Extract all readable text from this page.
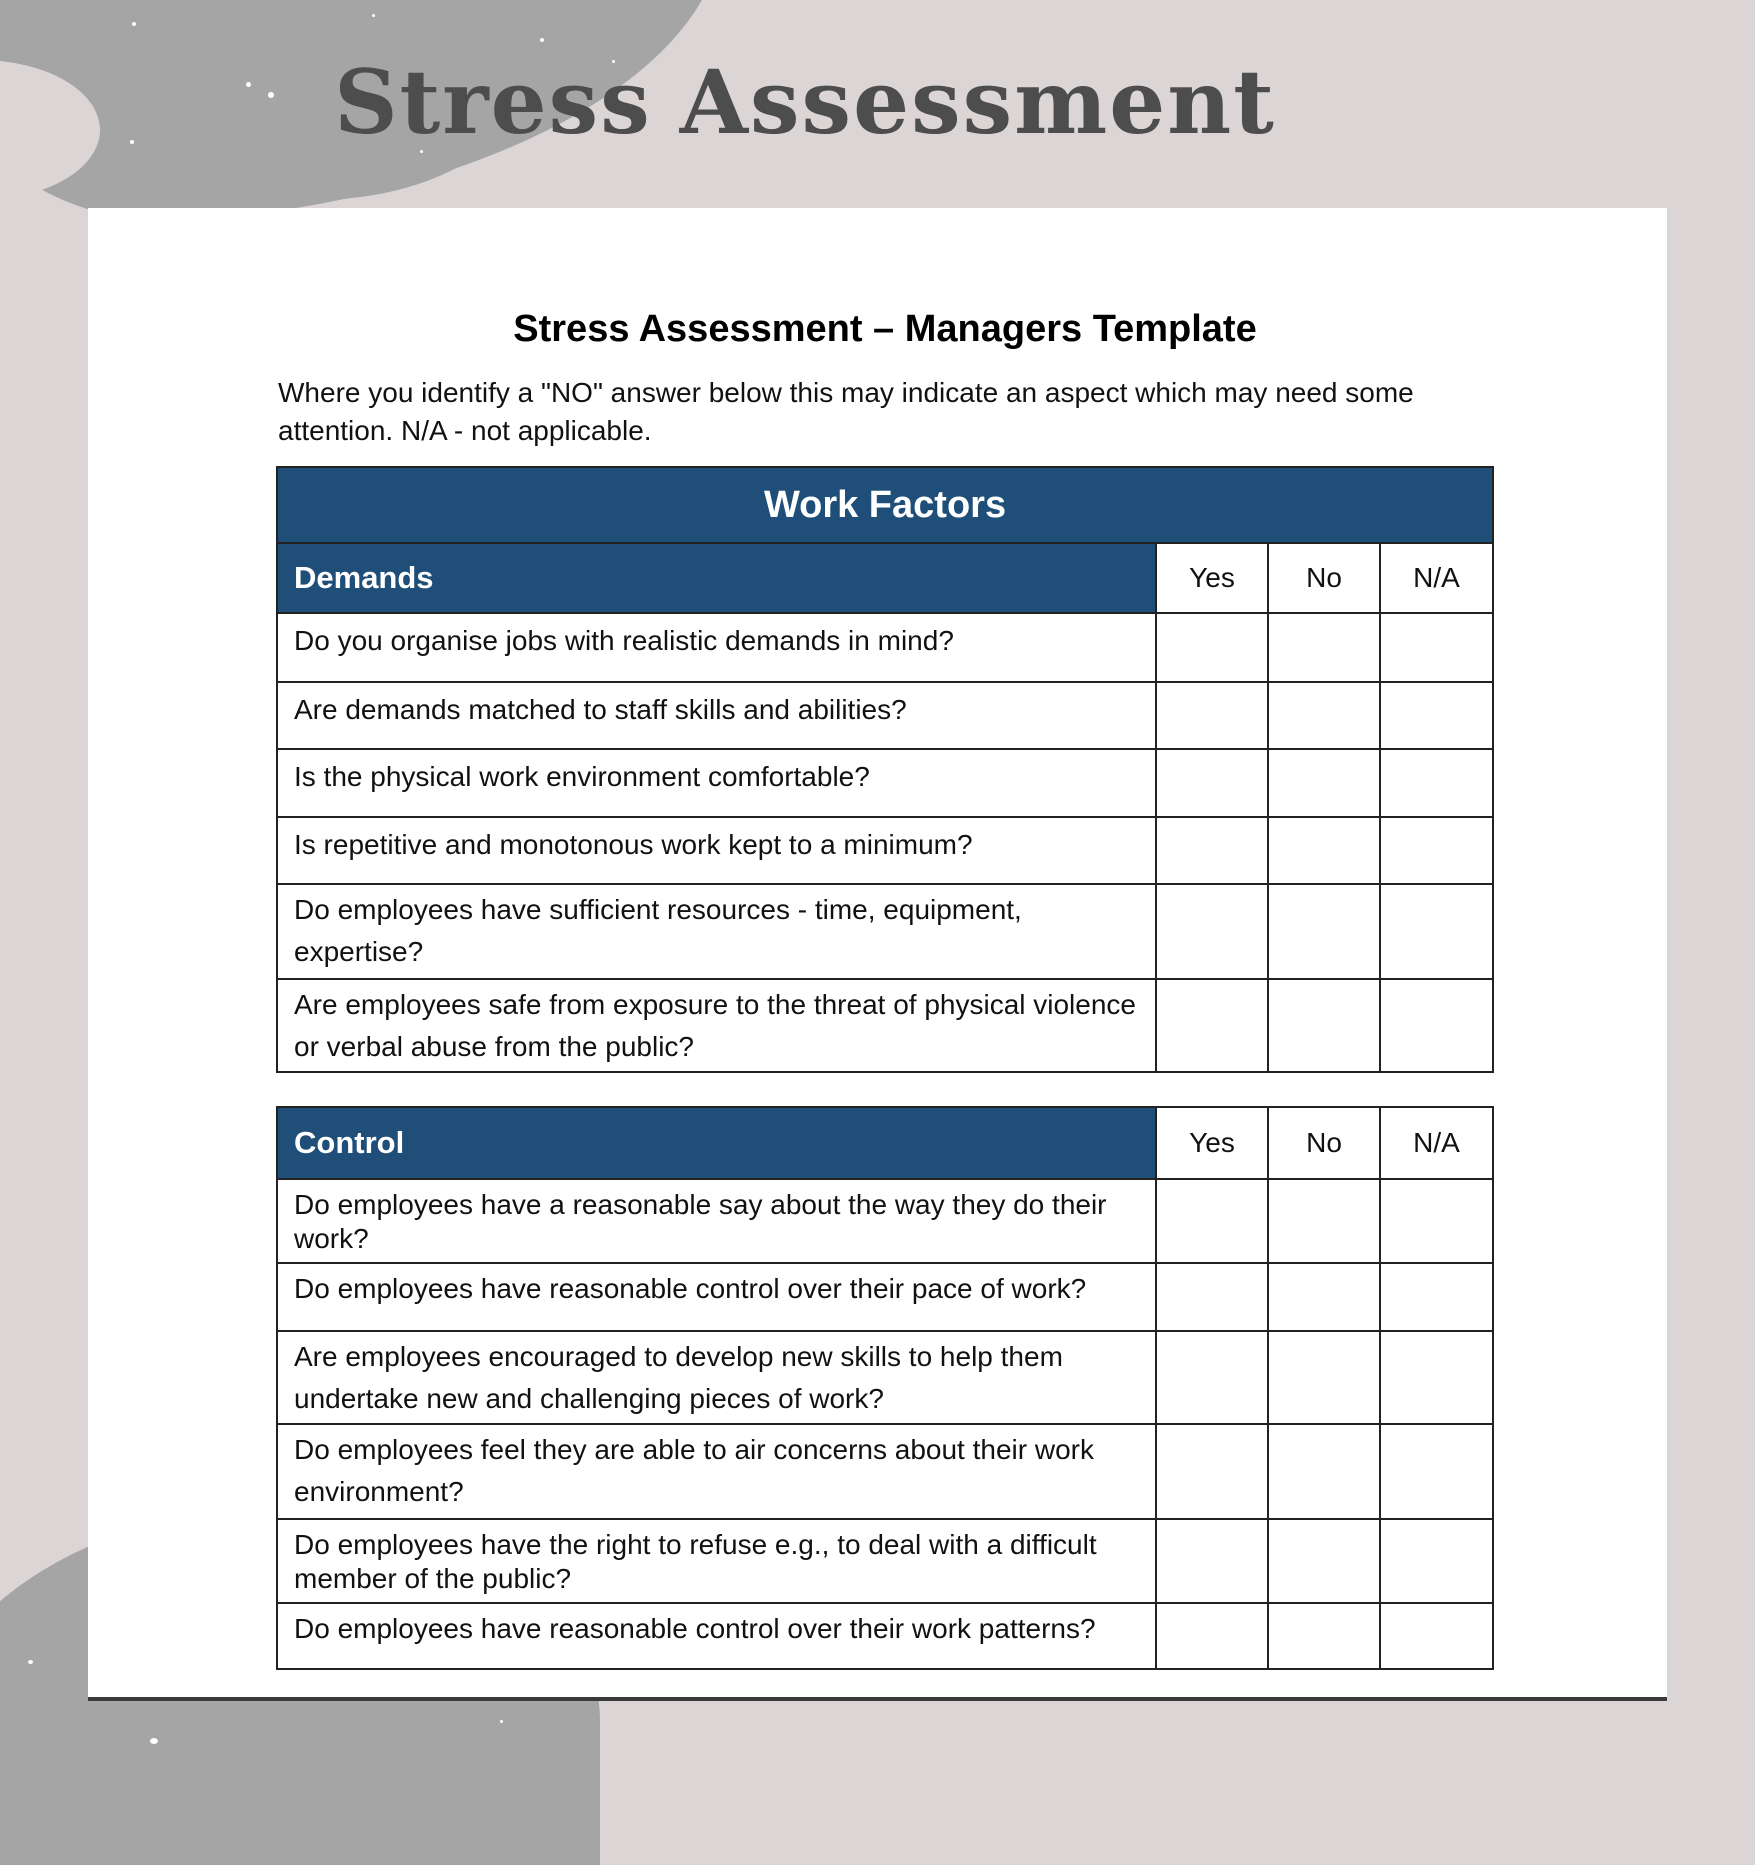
Stress Assessment
Stress Assessment – Managers Template
Where you identify a "NO" answer below this may indicate an aspect which may need some attention. N/A - not applicable.
Work Factors			
Demands	Yes	No	N/A
Do you organise jobs with realistic demands in mind?			
Are demands matched to staff skills and abilities?			
Is the physical work environment comfortable?			
Is repetitive and monotonous work kept to a minimum?			
Do employees have sufficient resources - time, equipment, expertise?			
Are employees safe from exposure to the threat of physical violence or verbal abuse from the public?			
Control	Yes	No	N/A
Do employees have a reasonable say about the way they do their work?			
Do employees have reasonable control over their pace of work?			
Are employees encouraged to develop new skills to help them undertake new and challenging pieces of work?			
Do employees feel they are able to air concerns about their work environment?			
Do employees have the right to refuse e.g., to deal with a difficult member of the public?			
Do employees have reasonable control over their work patterns?			
